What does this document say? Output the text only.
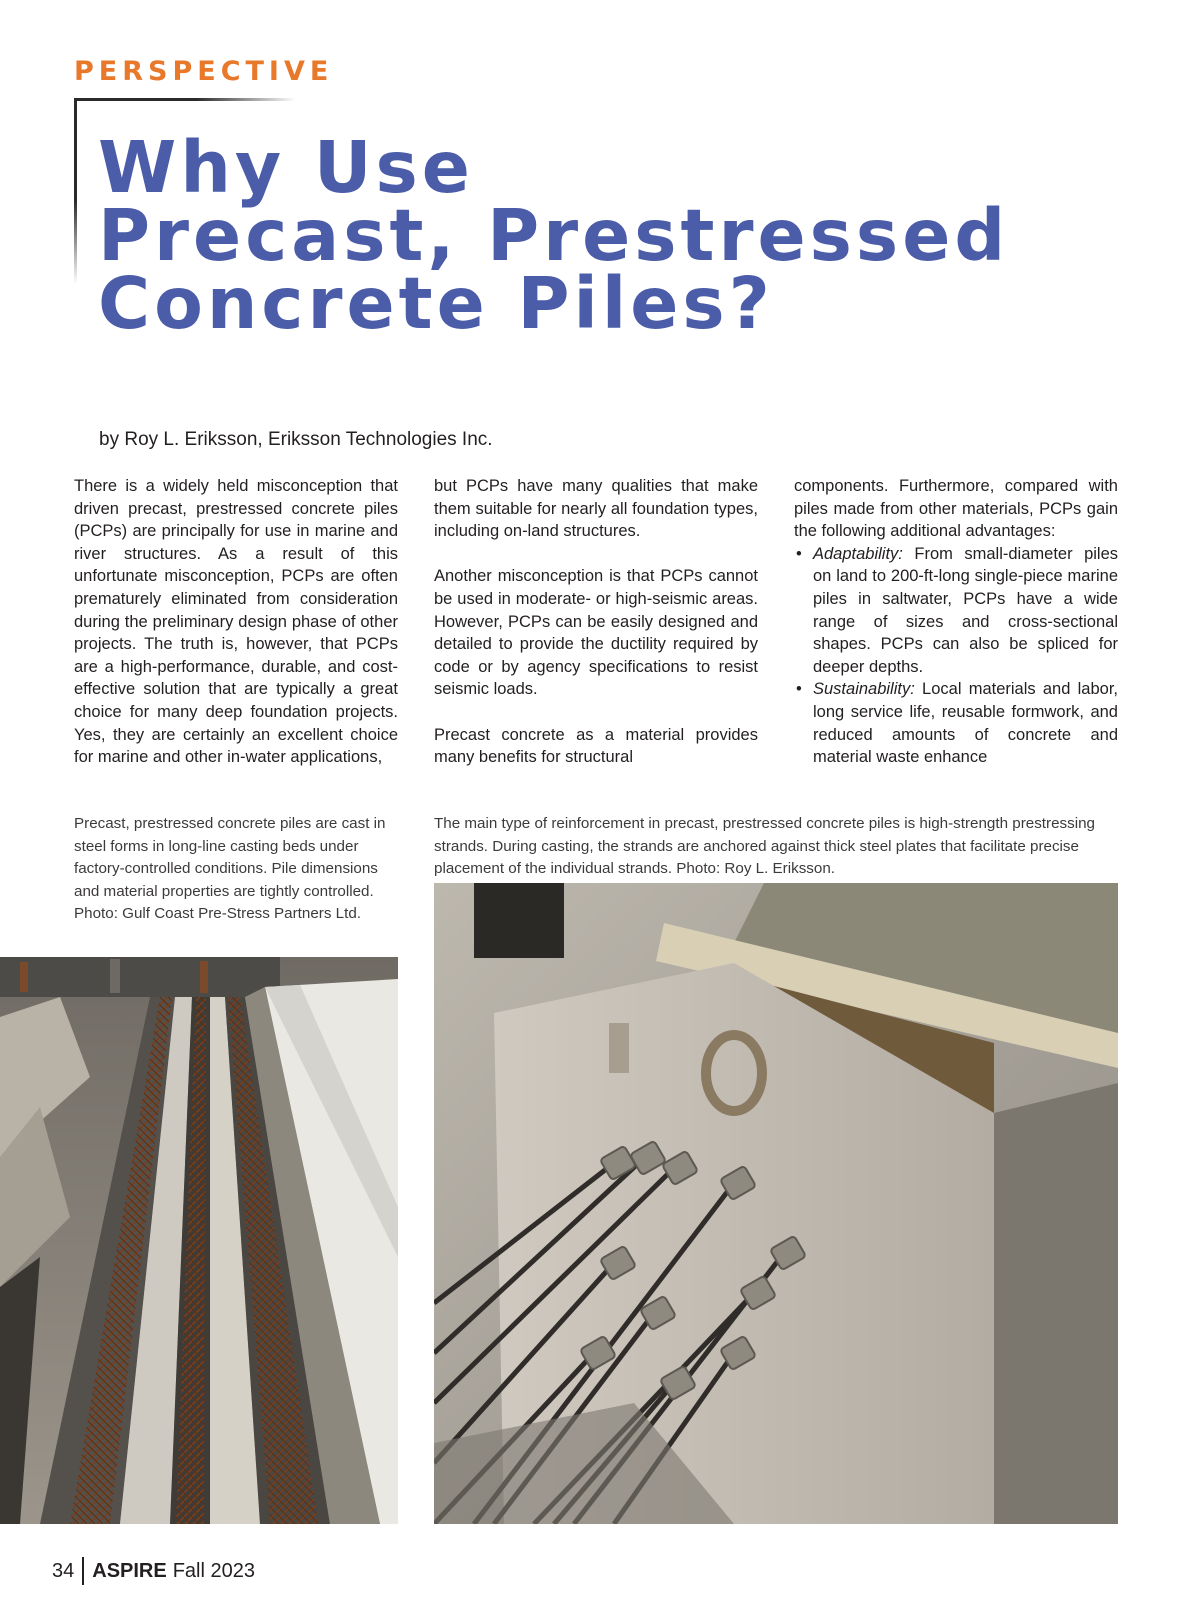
PERSPECTIVE
Why Use
Precast, Prestressed
Concrete Piles?
by Roy L. Eriksson, Eriksson Technologies Inc.

There is a widely held misconception that driven precast, prestressed concrete piles (PCPs) are principally for use in marine and river structures. As a result of this unfortunate misconception, PCPs are often prematurely eliminated from consideration during the preliminary design phase of other projects. The truth is, however, that PCPs are a high-performance, durable, and cost-effective solution that are typically a great choice for many deep foundation projects. Yes, they are certainly an excellent choice for marine and other in-water applications,

but PCPs have many qualities that make them suitable for nearly all foundation types, including on-land structures.

Another misconception is that PCPs cannot be used in moderate- or high-seismic areas. However, PCPs can be easily designed and detailed to provide the ductility required by code or by agency specifications to resist seismic loads.

Precast concrete as a material provides many benefits for structural

components. Furthermore, compared with piles made from other materials, PCPs gain the following additional advantages:

• Adaptability: From small-diameter piles on land to 200-ft-long single-piece marine piles in saltwater, PCPs have a wide range of sizes and cross-sectional shapes. PCPs can also be spliced for deeper depths.
• Sustainability: Local materials and labor, long service life, reusable formwork, and reduced amounts of concrete and material waste enhance
Precast, prestressed concrete piles are cast in steel forms in long-line casting beds under factory-controlled conditions. Pile dimensions and material properties are tightly controlled. Photo: Gulf Coast Pre-Stress Partners Ltd.
The main type of reinforcement in precast, prestressed concrete piles is high-strength prestressing strands. During casting, the strands are anchored against thick steel plates that facilitate precise placement of the individual strands. Photo: Roy L. Eriksson.
34 ASPIRE Fall 2023
